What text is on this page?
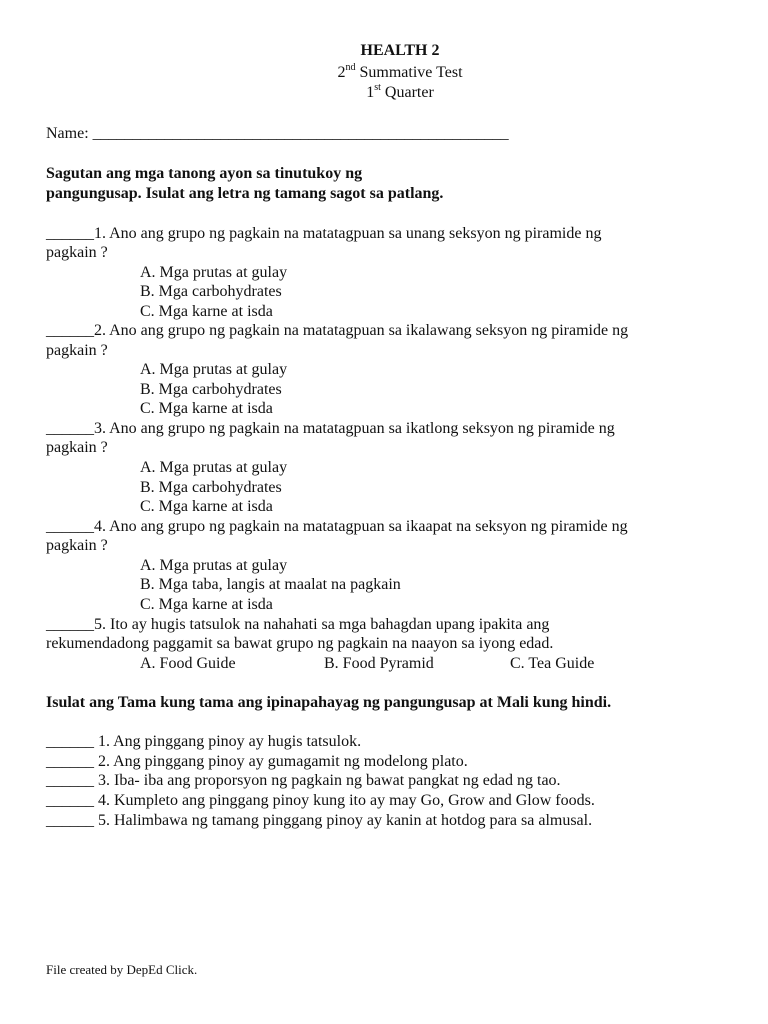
HEALTH 2
2nd Summative Test
1st Quarter
Name: ____________________________________________________
Sagutan ang mga tanong ayon sa tinutukoy ng
pangungusap. Isulat ang letra ng tamang sagot sa patlang.
______1. Ano ang grupo ng pagkain na matatagpuan sa unang seksyon ng piramide ng
pagkain ?
A. Mga prutas at gulay
B. Mga carbohydrates
C. Mga karne at isda
______2. Ano ang grupo ng pagkain na matatagpuan sa ikalawang seksyon ng piramide ng
pagkain ?
A. Mga prutas at gulay
B. Mga carbohydrates
C. Mga karne at isda
______3. Ano ang grupo ng pagkain na matatagpuan sa ikatlong seksyon ng piramide ng
pagkain ?
A. Mga prutas at gulay
B. Mga carbohydrates
C. Mga karne at isda
______4. Ano ang grupo ng pagkain na matatagpuan sa ikaapat na seksyon ng piramide ng
pagkain ?
A. Mga prutas at gulay
B. Mga taba, langis at maalat na pagkain
C. Mga karne at isda
______5. Ito ay hugis tatsulok na nahahati sa mga bahagdan upang ipakita ang
rekumendadong paggamit sa bawat grupo ng pagkain na naayon sa iyong edad.
A. Food Guide	B. Food Pyramid	C. Tea Guide
Isulat ang Tama kung tama ang ipinapahayag ng pangungusap at Mali kung hindi.
______ 1. Ang pinggang pinoy ay hugis tatsulok.
______ 2. Ang pinggang pinoy ay gumagamit ng modelong plato.
______ 3. Iba- iba ang proporsyon ng pagkain ng bawat pangkat ng edad ng tao.
______ 4. Kumpleto ang pinggang pinoy kung ito ay may Go, Grow and Glow foods.
______ 5. Halimbawa ng tamang pinggang pinoy ay kanin at hotdog para sa almusal.
File created by DepEd Click.
